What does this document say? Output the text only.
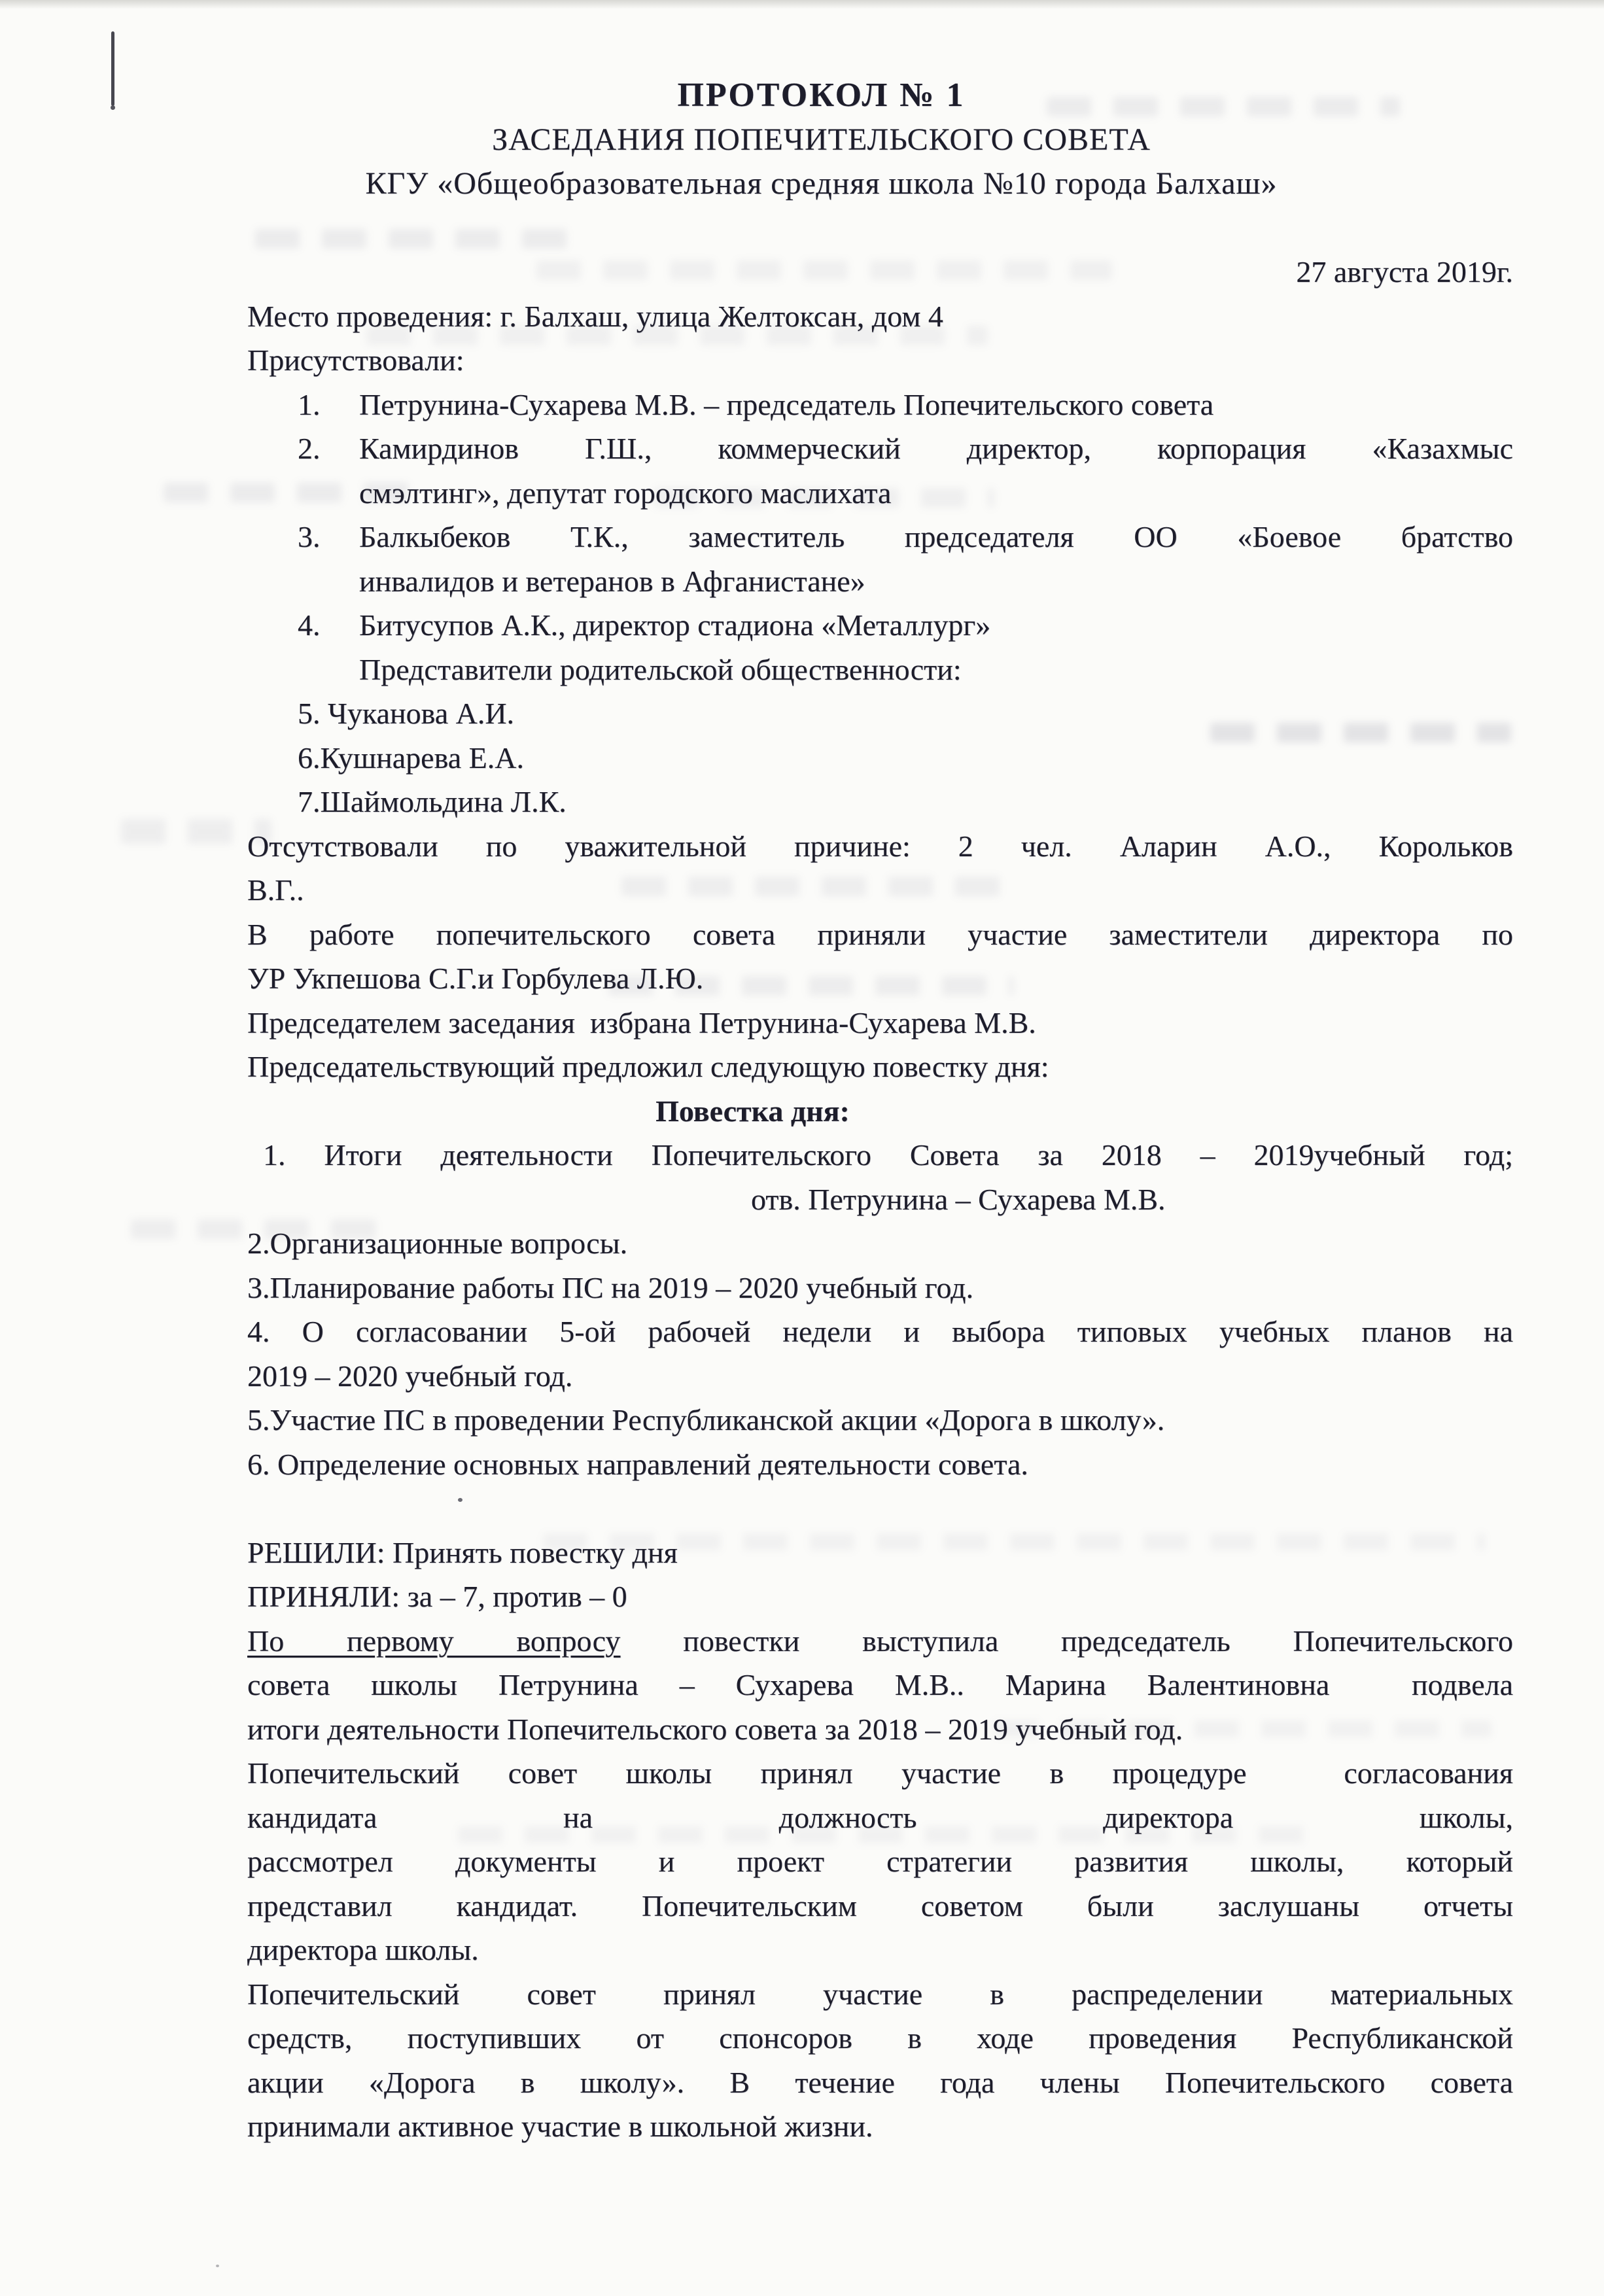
ПРОТОКОЛ № 1
ЗАСЕДАНИЯ ПОПЕЧИТЕЛЬСКОГО СОВЕТА
КГУ «Общеобразовательная средняя школа №10 города Балхаш»
27 августа 2019г.
Место проведения: г. Балхаш, улица Желтоксан, дом 4
Присутствовали:
1. Петрунина-Сухарева М.В. – председатель Попечительского совета
2. Камирдинов Г.Ш., коммерческий директор, корпорация «Казахмыс
смэлтинг», депутат городского маслихата
3. Балкыбеков Т.К., заместитель председателя ОО «Боевое братство
инвалидов и ветеранов в Афганистане»
4. Битусупов А.К., директор стадиона «Металлург»
Представители родительской общественности:
5. Чуканова А.И.
6.Кушнарева Е.А.
7.Шаймольдина Л.К.
Отсутствовали по уважительной причине: 2 чел. Аларин А.О., Корольков
В.Г..
В работе попечительского совета приняли участие заместители директора по
УР Укпешова С.Г.и Горбулева Л.Ю.
Председателем заседания  избрана Петрунина-Сухарева М.В.
Председательствующий предложил следующую повестку дня:
Повестка дня:
1. Итоги деятельности Попечительского Совета за 2018 – 2019учебный год;
отв. Петрунина – Сухарева М.В.
2.Организационные вопросы.
3.Планирование работы ПС на 2019 – 2020 учебный год.
4. О согласовании 5-ой рабочей недели и выбора типовых учебных планов на
2019 – 2020 учебный год.
5.Участие ПС в проведении Республиканской акции «Дорога в школу».
6. Определение основных направлений деятельности совета.
РЕШИЛИ: Принять повестку дня
ПРИНЯЛИ: за – 7, против – 0
По первому вопросу повестки выступила председатель Попечительского
совета школы Петрунина – Сухарева М.В.. Марина Валентиновна  подвела
итоги деятельности Попечительского совета за 2018 – 2019 учебный год.
Попечительский совет школы принял участие в процедуре  согласования
кандидата на должность директора школы,
рассмотрел документы и проект стратегии развития школы, который
представил кандидат. Попечительским советом были заслушаны отчеты
директора школы.
Попечительский совет принял участие в распределении материальных
средств, поступивших от спонсоров в ходе проведения Республиканской
акции «Дорога в школу». В течение года члены Попечительского совета
принимали активное участие в школьной жизни.
